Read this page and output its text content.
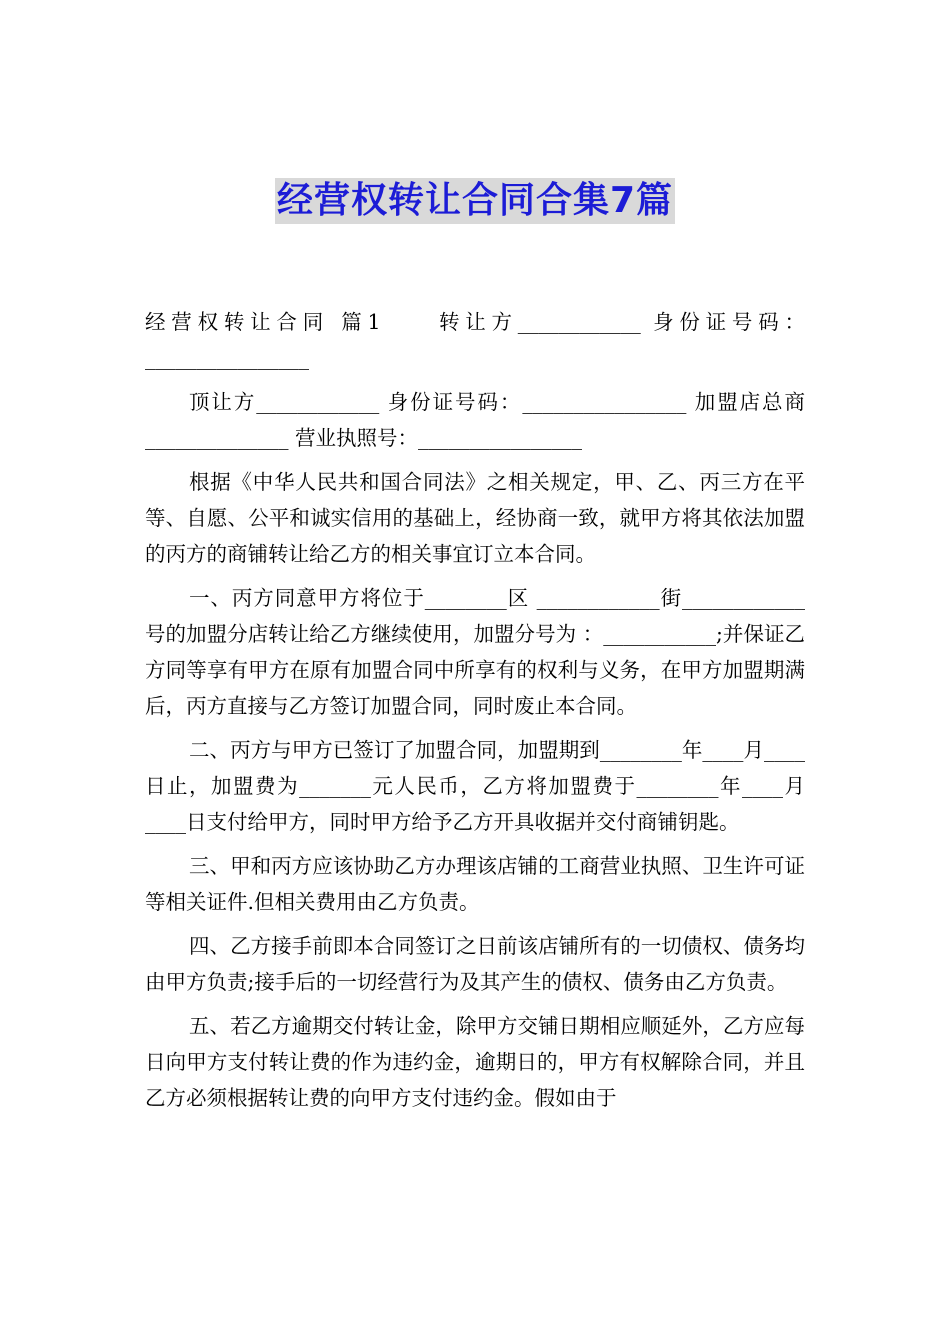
经营权转让合同合集7篇

经营权转让合同 篇1　　转让方____________ 身份证号码：________________

顶让方____________ 身份证号码：________________ 加盟店总商______________ 营业执照号：________________

根据《中华人民共和国合同法》之相关规定，甲、乙、丙三方在平等、自愿、公平和诚实信用的基础上，经协商一致，就甲方将其依法加盟的丙方的商铺转让给乙方的相关事宜订立本合同。

一、丙方同意甲方将位于________区 ____________街____________号的加盟分店转让给乙方继续使用，加盟分号为 ：___________;并保证乙方同等享有甲方在原有加盟合同中所享有的权利与义务，在甲方加盟期满后，丙方直接与乙方签订加盟合同，同时废止本合同。

二、丙方与甲方已签订了加盟合同，加盟期到________年____月____日止，加盟费为_______元人民币，乙方将加盟费于________年____月____日支付给甲方，同时甲方给予乙方开具收据并交付商铺钥匙。

三、甲和丙方应该协助乙方办理该店铺的工商营业执照、卫生许可证等相关证件.但相关费用由乙方负责。

四、乙方接手前即本合同签订之日前该店铺所有的一切债权、债务均由甲方负责;接手后的一切经营行为及其产生的债权、债务由乙方负责。

五、若乙方逾期交付转让金，除甲方交铺日期相应顺延外，乙方应每日向甲方支付转让费的作为违约金，逾期日的，甲方有权解除合同，并且乙方必须根据转让费的向甲方支付违约金。假如由于
